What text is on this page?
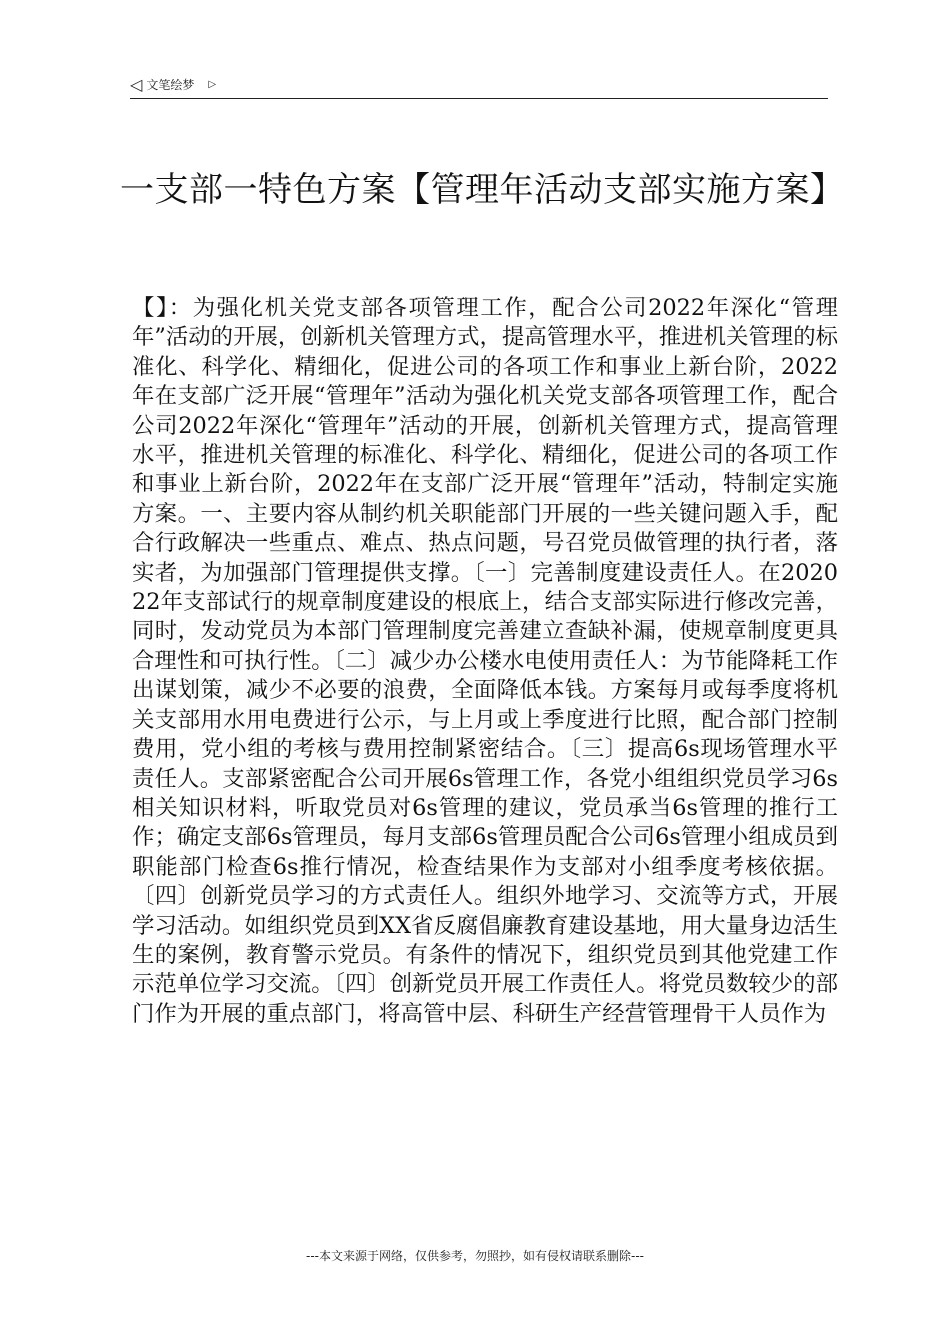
◁ 文笔绘梦 ▷
一支部一特色方案【管理年活动支部实施方案】

【】：为强化机关党支部各项管理工作，配合公司2022年深化“管理年”活动的开展，创新机关管理方式，提高管理水平，推进机关管理的标准化、科学化、精细化，促进公司的各项工作和事业上新台阶，2022年在支部广泛开展“管理年”活动为强化机关党支部各项管理工作，配合公司2022年深化“管理年”活动的开展，创新机关管理方式，提高管理水平，推进机关管理的标准化、科学化、精细化，促进公司的各项工作和事业上新台阶，2022年在支部广泛开展“管理年”活动，特制定实施方案。一、主要内容从制约机关职能部门开展的一些关键问题入手，配合行政解决一些重点、难点、热点问题，号召党员做管理的执行者，落实者，为加强部门管理提供支撑。〔一〕完善制度建设责任人。在202022年支部试行的规章制度建设的根底上，结合支部实际进行修改完善，同时，发动党员为本部门管理制度完善建立查缺补漏，使规章制度更具合理性和可执行性。〔二〕减少办公楼水电使用责任人：为节能降耗工作出谋划策，减少不必要的浪费，全面降低本钱。方案每月或每季度将机关支部用水用电费进行公示，与上月或上季度进行比照，配合部门控制费用，党小组的考核与费用控制紧密结合。〔三〕提高6s现场管理水平责任人。支部紧密配合公司开展6s管理工作，各党小组组织党员学习6s相关知识材料，听取党员对6s管理的建议，党员承当6s管理的推行工作；确定支部6s管理员，每月支部6s管理员配合公司6s管理小组成员到职能部门检查6s推行情况，检查结果作为支部对小组季度考核依据。〔四〕创新党员学习的方式责任人。组织外地学习、交流等方式，开展学习活动。如组织党员到XX省反腐倡廉教育建设基地，用大量身边活生生的案例，教育警示党员。有条件的情况下，组织党员到其他党建工作示范单位学习交流。〔四〕创新党员开展工作责任人。将党员数较少的部门作为开展的重点部门，将高管中层、科研生产经营管理骨干人员作为

---本文来源于网络，仅供参考，勿照抄，如有侵权请联系删除---
